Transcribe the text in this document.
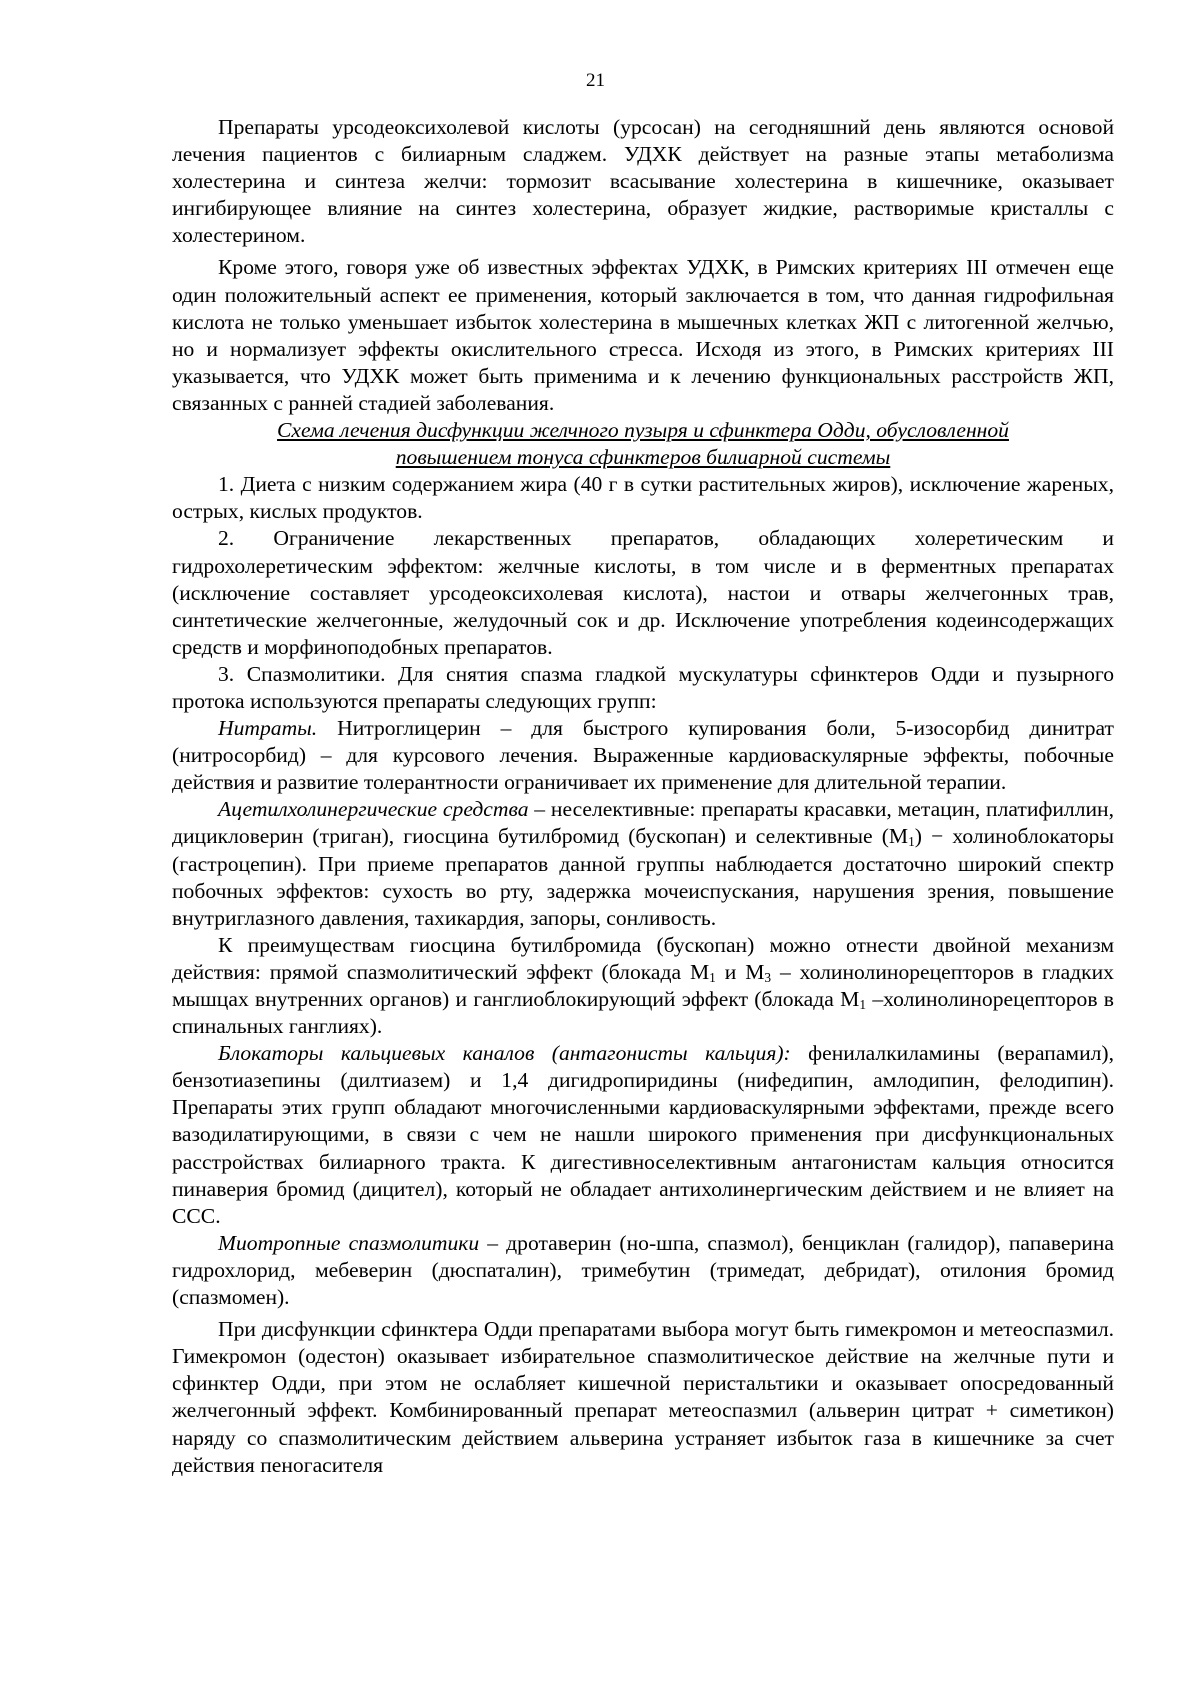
21

Препараты урсодеоксихолевой кислоты (урсосан) на сегодняшний день являются основой лечения пациентов с билиарным сладжем. УДХК действует на разные этапы метаболизма холестерина и синтеза желчи: тормозит всасывание холестерина в кишечнике, оказывает ингибирующее влияние на синтез холестерина, образует жидкие, растворимые кристаллы с холестерином.

Кроме этого, говоря уже об известных эффектах УДХК, в Римских критериях III отмечен еще один положительный аспект ее применения, который заключается в том, что данная гидрофильная кислота не только уменьшает избыток холестерина в мышечных клетках ЖП с литогенной желчью, но и нормализует эффекты окислительного стресса. Исходя из этого, в Римских критериях III указывается, что УДХК может быть применима и к лечению функциональных расстройств ЖП, связанных с ранней стадией заболевания.

Схема лечения дисфункции желчного пузыря и сфинктера Одди, обусловленной
повышением тонуса сфинктеров билиарной системы

1. Диета с низким содержанием жира (40 г в сутки растительных жиров), исключение жареных, острых, кислых продуктов.

2. Ограничение лекарственных препаратов, обладающих холеретическим и гидрохолеретическим эффектом: желчные кислоты, в том числе и в ферментных препаратах (исключение составляет урсодеоксихолевая кислота), настои и отвары желчегонных трав, синтетические желчегонные, желудочный сок и др. Исключение употребления кодеинсодержащих средств и морфиноподобных препаратов.

3. Спазмолитики. Для снятия спазма гладкой мускулатуры сфинктеров Одди и пузырного протока используются препараты следующих групп:

Нитраты. Нитроглицерин – для быстрого купирования боли, 5-изосорбид динитрат (нитросорбид) – для курсового лечения. Выраженные кардиоваскулярные эффекты, побочные действия и развитие толерантности ограничивает их применение для длительной терапии.

Ацетилхолинергические средства – неселективные: препараты красавки, метацин, платифиллин, дицикловерин (триган), гиосцина бутилбромид (бускопан) и селективные $(М_1)$ − холиноблокаторы (гастроцепин). При приеме препаратов данной группы наблюдается достаточно широкий спектр побочных эффектов: сухость во рту, задержка мочеиспускания, нарушения зрения, повышение внутриглазного давления, тахикардия, запоры, сонливость.

К преимуществам гиосцина бутилбромида (бускопан) можно отнести двойной механизм действия: прямой спазмолитический эффект (блокада $М_1$ и $М_3$ – холинолинорецепторов в гладких мышцах внутренних органов) и ганглиоблокирующий эффект (блокада $М_1$ –холинолинорецепторов в спинальных ганглиях).

Блокаторы кальциевых каналов (антагонисты кальция): фенилалкиламины (верапамил), бензотиазепины (дилтиазем) и 1,4 дигидропиридины (нифедипин, амлодипин, фелодипин). Препараты этих групп обладают многочисленными кардиоваскулярными эффектами, прежде всего вазодилатирующими, в связи с чем не нашли широкого применения при дисфункциональных расстройствах билиарного тракта. К дигестивноселективным антагонистам кальция относится пинаверия бромид (дицител), который не обладает антихолинергическим действием и не влияет на ССС.

Миотропные спазмолитики – дротаверин (но-шпа, спазмол), бенциклан (галидор), папаверина гидрохлорид, мебеверин (дюспаталин), тримебутин (тримедат, дебридат), отилония бромид (спазмомен).

При дисфункции сфинктера Одди препаратами выбора могут быть гимекромон и метеоспазмил. Гимекромон (одестон) оказывает избирательное спазмолитическое действие на желчные пути и сфинктер Одди, при этом не ослабляет кишечной перистальтики и оказывает опосредованный желчегонный эффект. Комбинированный препарат метеоспазмил (альверин цитрат + симетикон) наряду со спазмолитическим действием альверина устраняет избыток газа в кишечнике за счет действия пеногасителя
